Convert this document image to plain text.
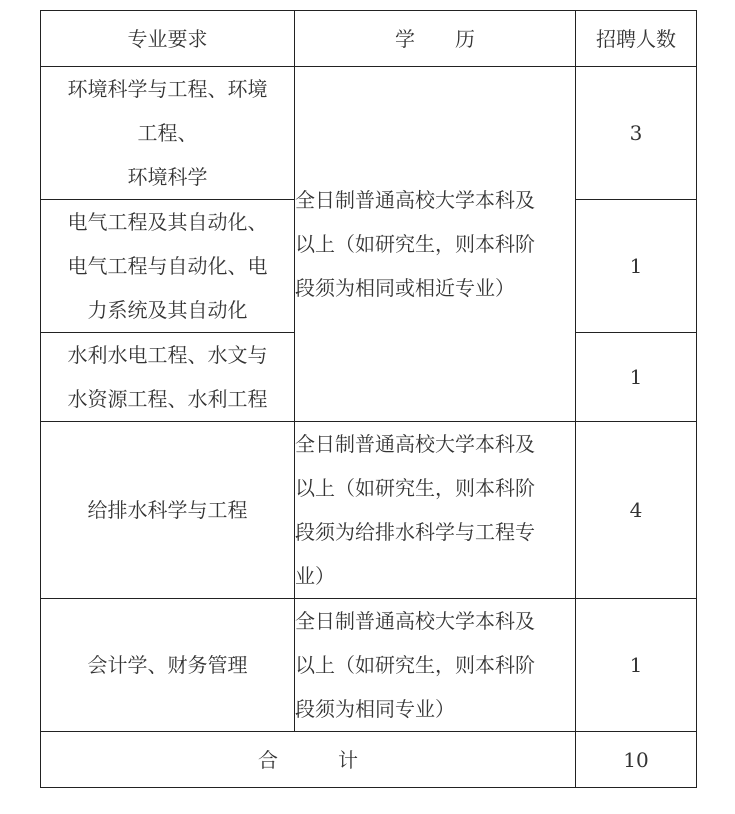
专业要求	学　　历	招聘人数
环境科学与工程、环境
工程、
环境科学	全日制普通高校大学本科及
以上（如研究生，则本科阶
段须为相同或相近专业）	3
电气工程及其自动化、
电气工程与自动化、电
力系统及其自动化		1
水利水电工程、水文与
水资源工程、水利工程		1
给排水科学与工程	全日制普通高校大学本科及
以上（如研究生，则本科阶
段须为给排水科学与工程专
业）	4
会计学、财务管理	全日制普通高校大学本科及
以上（如研究生，则本科阶
段须为相同专业）	1
合　　　计		10
